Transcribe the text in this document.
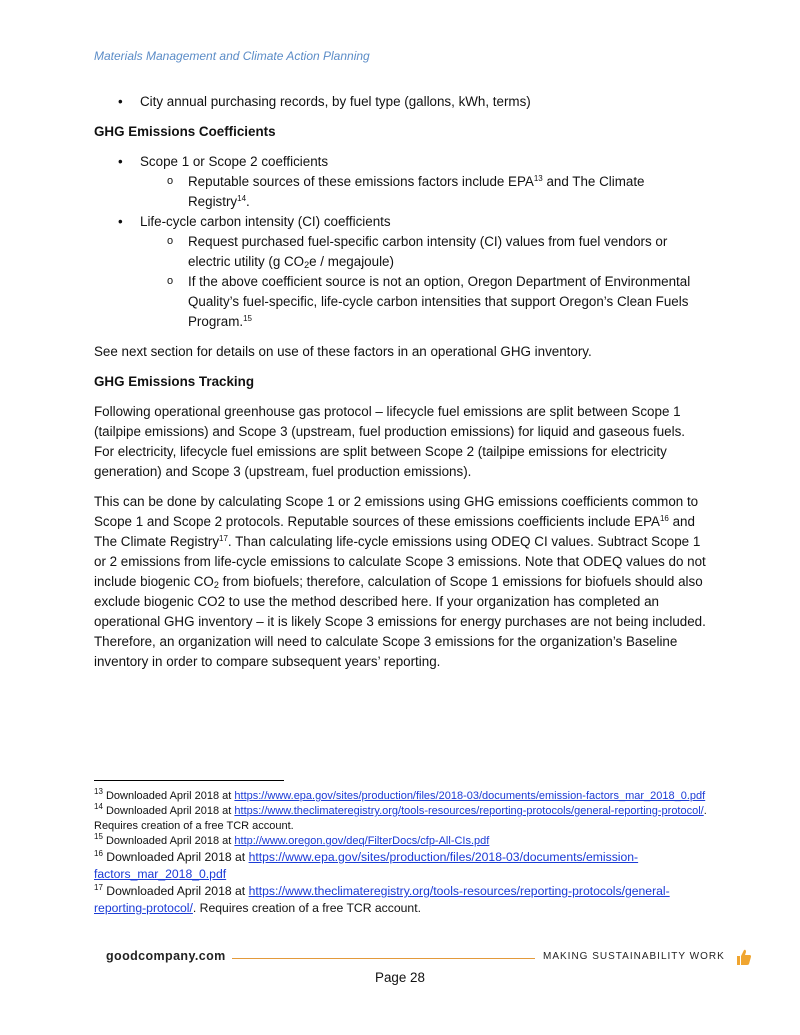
Materials Management and Climate Action Planning
• City annual purchasing records, by fuel type (gallons, kWh, terms)
GHG Emissions Coefficients
• Scope 1 or Scope 2 coefficients
o Reputable sources of these emissions factors include EPA$^{13}$ and The Climate Registry$^{14}$.
• Life-cycle carbon intensity (CI) coefficients
o Request purchased fuel-specific carbon intensity (CI) values from fuel vendors or electric utility (g $CO_2e$ / megajoule)
o If the above coefficient source is not an option, Oregon Department of Environmental Quality’s fuel-specific, life-cycle carbon intensities that support Oregon’s Clean Fuels Program.$^{15}$

See next section for details on use of these factors in an operational GHG inventory.

GHG Emissions Tracking

Following operational greenhouse gas protocol – lifecycle fuel emissions are split between Scope 1 (tailpipe emissions) and Scope 3 (upstream, fuel production emissions) for liquid and gaseous fuels. For electricity, lifecycle fuel emissions are split between Scope 2 (tailpipe emissions for electricity generation) and Scope 3 (upstream, fuel production emissions).

This can be done by calculating Scope 1 or 2 emissions using GHG emissions coefficients common to Scope 1 and Scope 2 protocols. Reputable sources of these emissions coefficients include EPA$^{16}$ and The Climate Registry$^{17}$. Than calculating life-cycle emissions using ODEQ CI values. Subtract Scope 1 or 2 emissions from life-cycle emissions to calculate Scope 3 emissions. Note that ODEQ values do not include biogenic $CO_2$ from biofuels; therefore, calculation of Scope 1 emissions for biofuels should also exclude biogenic CO2 to use the method described here. If your organization has completed an operational GHG inventory – it is likely Scope 3 emissions for energy purchases are not being included. Therefore, an organization will need to calculate Scope 3 emissions for the organization’s Baseline inventory in order to compare subsequent years’ reporting.

$^{13}$ Downloaded April 2018 at https://www.epa.gov/sites/production/files/2018-03/documents/emission-factors_mar_2018_0.pdf
$^{14}$ Downloaded April 2018 at https://www.theclimateregistry.org/tools-resources/reporting-protocols/general-reporting-protocol/. Requires creation of a free TCR account.
$^{15}$ Downloaded April 2018 at http://www.oregon.gov/deq/FilterDocs/cfp-All-CIs.pdf
$^{16}$ Downloaded April 2018 at https://www.epa.gov/sites/production/files/2018-03/documents/emission-factors_mar_2018_0.pdf
$^{17}$ Downloaded April 2018 at https://www.theclimateregistry.org/tools-resources/reporting-protocols/general-reporting-protocol/. Requires creation of a free TCR account.
goodcompany.com	MAKING SUSTAINABILITY WORK
Page 28
